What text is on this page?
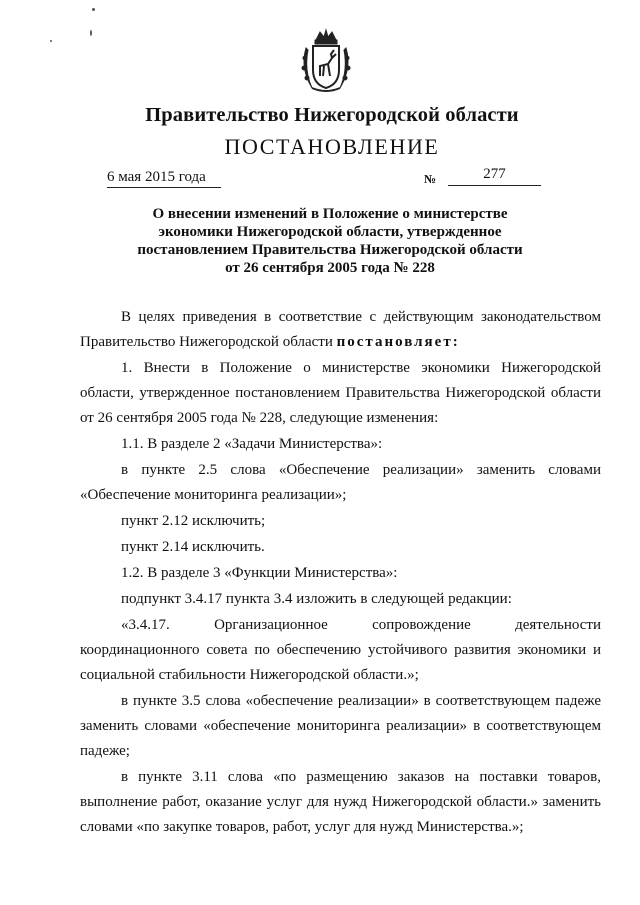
Правительство Нижегородской области
ПОСТАНОВЛЕНИЕ
6 мая 2015 года	№	277
О внесении изменений в Положение о министерстве
экономики Нижегородской области, утвержденное
постановлением Правительства Нижегородской области
от 26 сентября 2005 года № 228

В целях приведения в соответствие с действующим законодательством Правительство Нижегородской области постановляет:

1. Внести в Положение о министерстве экономики Нижегородской области, утвержденное постановлением Правительства Нижегородской области от 26 сентября 2005 года № 228, следующие изменения:

1.1. В разделе 2 «Задачи Министерства»:

в пункте 2.5 слова «Обеспечение реализации» заменить словами «Обеспечение мониторинга реализации»;

пункт 2.12 исключить;

пункт 2.14 исключить.

1.2. В разделе 3 «Функции Министерства»:

подпункт 3.4.17 пункта 3.4 изложить в следующей редакции:

«3.4.17. Организационное сопровождение деятельности координационного совета по обеспечению устойчивого развития экономики и социальной стабильности Нижегородской области.»;

в пункте 3.5 слова «обеспечение реализации» в соответствующем падеже заменить словами «обеспечение мониторинга реализации» в соответствующем падеже;

в пункте 3.11 слова «по размещению заказов на поставки товаров, выполнение работ, оказание услуг для нужд Нижегородской области.» заменить словами «по закупке товаров, работ, услуг для нужд Министерства.»;
